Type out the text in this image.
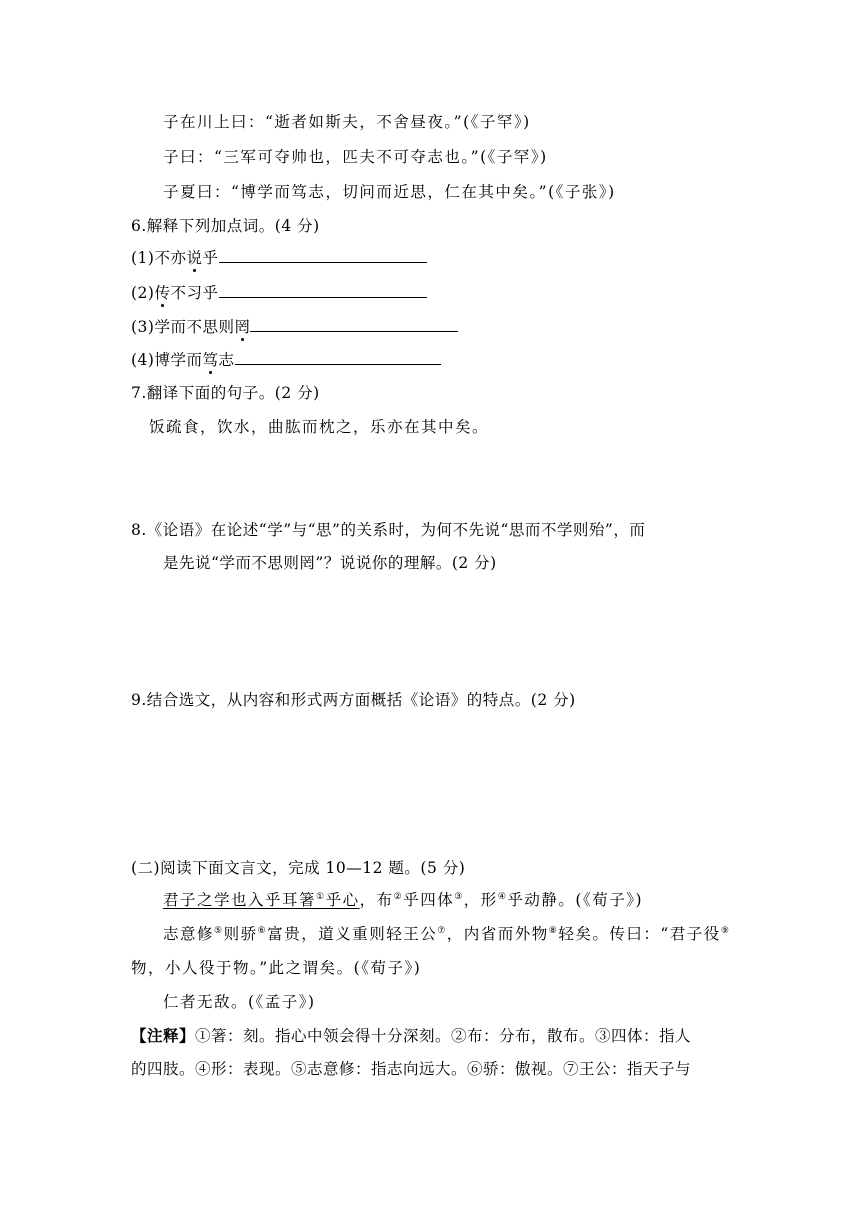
子在川上曰：“逝者如斯夫，不舍昼夜。”(《子罕》)
子曰：“三军可夺帅也，匹夫不可夺志也。”(《子罕》)
子夏曰：“博学而笃志，切问而近思，仁在其中矣。”(《子张》)
6.解释下列加点词。(4 分)
(1)不亦说乎
(2)传不习乎
(3)学而不思则罔
(4)博学而笃志
7.翻译下面的句子。(2 分)
饭疏食，饮水，曲肱而枕之，乐亦在其中矣。
8.《论语》在论述“学”与“思”的关系时，为何不先说“思而不学则殆”，而
是先说“学而不思则罔”？说说你的理解。(2 分)
9.结合选文，从内容和形式两方面概括《论语》的特点。(2 分)
(二)阅读下面文言文，完成 10—12 题。(5 分)
君子之学也入乎耳箸①乎心，布②乎四体③，形④乎动静。(《荀子》)
志意修⑤则骄⑥富贵，道义重则轻王公⑦，内省而外物⑧轻矣。传曰：“君子役⑨
物，小人役于物。”此之谓矣。(《荀子》)
仁者无敌。(《孟子》)
【注释】①箸：刻。指心中领会得十分深刻。②布：分布，散布。③四体：指人
的四肢。④形：表现。⑤志意修：指志向远大。⑥骄：傲视。⑦王公：指天子与
